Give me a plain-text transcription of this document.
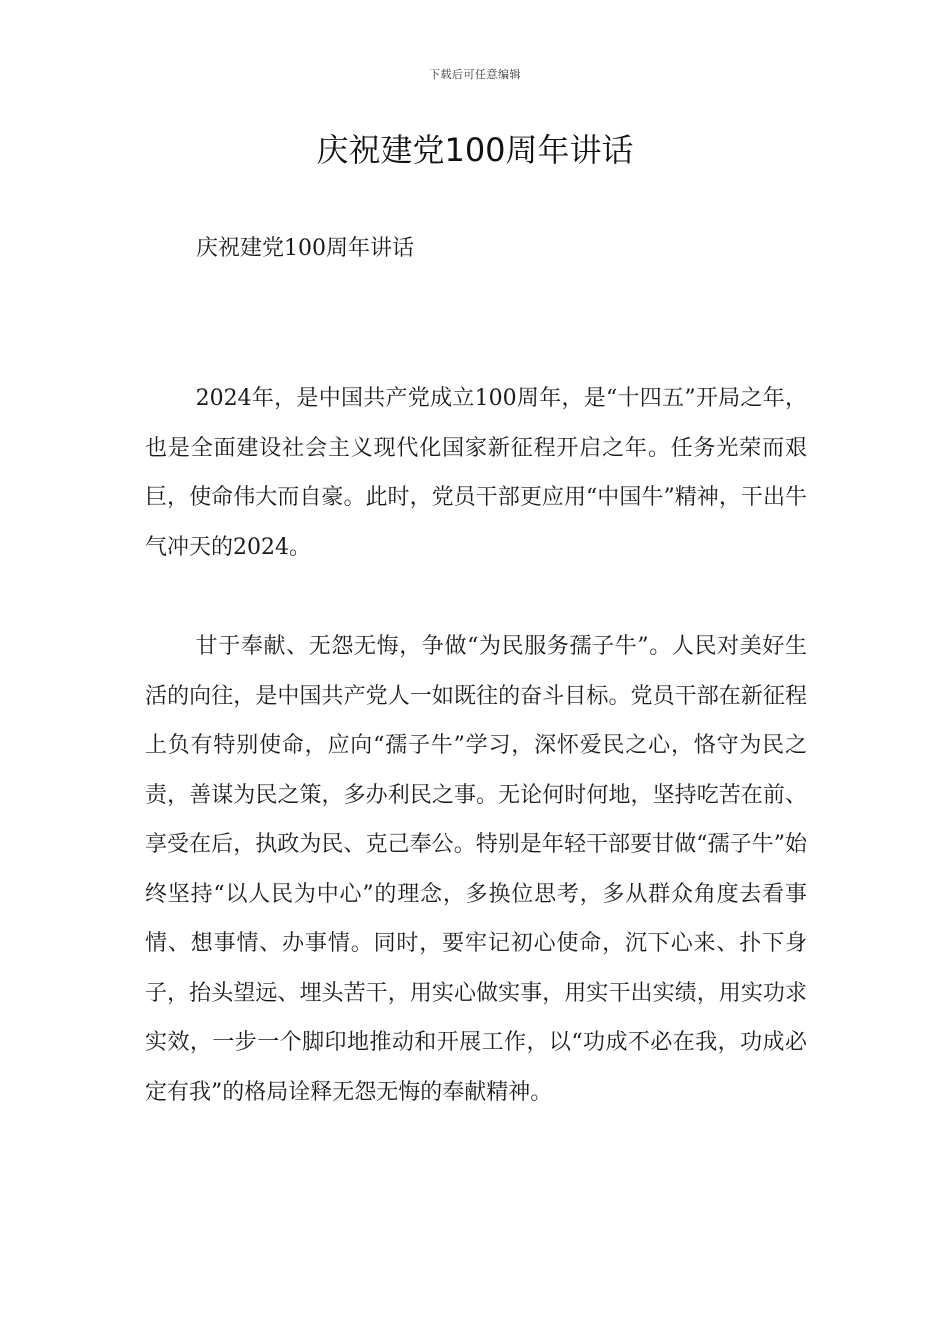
下载后可任意编辑
庆祝建党100周年讲话

庆祝建党100周年讲话

2024年，是中国共产党成立100周年，是“十四五”开局之年，也是全面建设社会主义现代化国家新征程开启之年。任务光荣而艰巨，使命伟大而自豪。此时，党员干部更应用“中国牛”精神，干出牛气冲天的2024。

甘于奉献、无怨无悔，争做“为民服务孺子牛”。人民对美好生活的向往，是中国共产党人一如既往的奋斗目标。党员干部在新征程上负有特别使命，应向“孺子牛”学习，深怀爱民之心，恪守为民之责，善谋为民之策，多办利民之事。无论何时何地，坚持吃苦在前、享受在后，执政为民、克己奉公。特别是年轻干部要甘做“孺子牛”始终坚持“以人民为中心”的理念，多换位思考，多从群众角度去看事情、想事情、办事情。同时，要牢记初心使命，沉下心来、扑下身子，抬头望远、埋头苦干，用实心做实事，用实干出实绩，用实功求实效，一步一个脚印地推动和开展工作，以“功成不必在我，功成必定有我”的格局诠释无怨无悔的奉献精神。
